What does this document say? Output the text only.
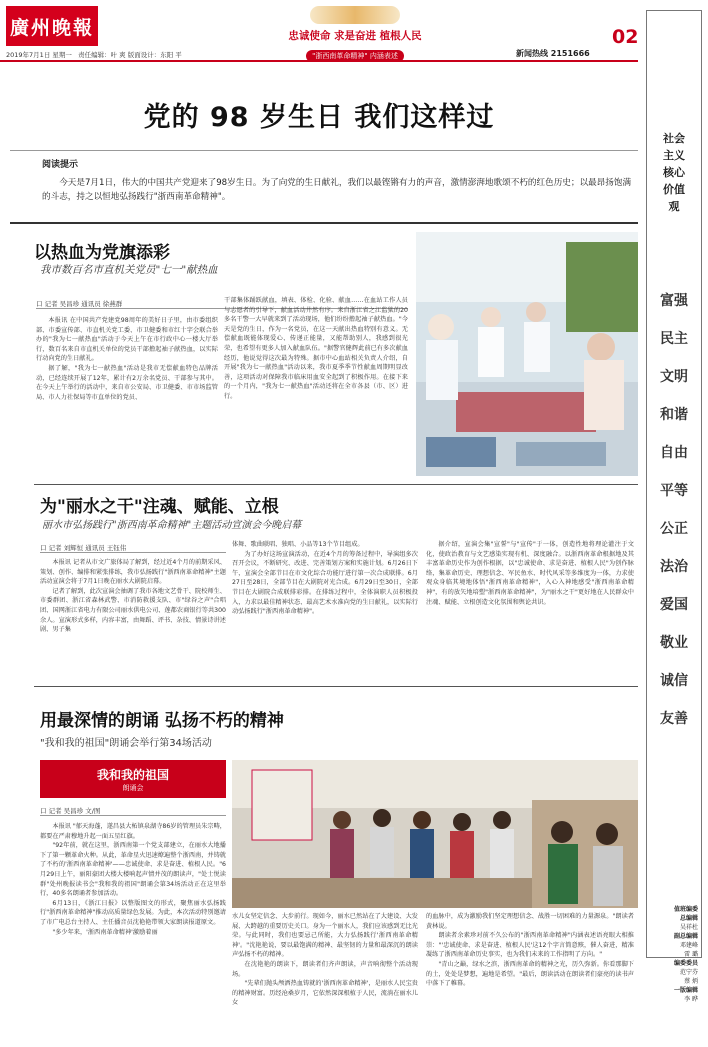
廣州晚報
2019年7月1日 星期一 责任编辑：叶 爽 版面设计：东阳 平
忠诚使命 求是奋进 植根人民
"浙西南革命精神" 内涵表述	新闻热线 2151666
02
党的 98 岁生日 我们这样过
阅读提示
今天是7月1日，伟大的中国共产党迎来了98岁生日。为了向党的生日献礼，我们以最铿锵有力的声音，激情澎湃地歌颂不朽的红色历史；以最昂扬饱满的斗志，持之以恒地弘扬践行"浙西南革命精神"。
以热血为党旗添彩
我市数百名市直机关党员"七一"献热血
口 记者 吴昌珍 通讯员 徐燕群

本报讯 在中国共产党建党98周年的美好日子里，由市委组织部、市委宣传部、市直机关党工委、市卫健委和市红十字会联合举办的"我为七一献热血"活动于今天上午在市行政中心一楼大厅举行，数百名来自市直机关单位的党员干部撸起袖子献热血，以实际行动向党的生日献礼。

据了解，"我为七一献热血"活动是我市无偿献血特色品牌活动，已经连续开展了12年，累计有2万余名党员、干部参与其中。在今天上午举行的活动中，来自市公安局、市卫健委、市市场监管局、市人力社保局等市直单位的党员、

干部集体踊跃献血，填表、体检、化验、献血……在血站工作人员与志愿者的引导下，献血活动井然有序。来自浙江省之江监狱的20多名干警一大早就来到了活动现场，他们纷纷撸起袖子献热血。"今天是党的生日，作为一名党员，在这一天献出热血特别有意义。无偿献血既能体现爱心、传递正能量，又能帮助别人，我感到很光荣，也希望有更多人加入献血队伍。"据警官健辉此前已有多次献血经历，他说觉得这次最为特殊。据市中心血站相关负责人介绍，自开展"我为七一献热血"活动以来，我市夏季季节性献血周期明显改善，这项活动对保障我市临床用血安全起到了积极作用。在接下来的一个月内，"我为七一献热血"活动还将在全市各县（市、区）进行。

为"丽水之干"注魂、赋能、立根
丽水市弘扬践行"浙西南革命精神"主题活动宣演会今晚启幕
口 记者 刘辉恒 通讯员 王钰伟

本报讯 记者从市文广旅体局了解到，经过近4个月的前期采风、策划、创作、编排和紧张排练，我市弘扬践行"浙西南革命精神"主题活动宣演会将于7月1日晚在丽水大剧院启幕。

记者了解到，此次宣演会抽调了我市各地文艺骨干、院校师生、市委群团、浙江省森林武警、市消防救援支队、市"绿谷之声"合唱团、国网浙江省电力有限公司丽水供电公司、莲都农商银行等共300余人。宣演形式多样，内容丰富，由舞蹈、评书、杂技、情景诗讲述剧、男子集

体舞、歌曲联唱、独唱、小品等13个节目组成。

为了办好这场宣演活动，在近4个月的筹备过程中，导演组多次召开会议，不断研究、改进、完善策划方案和实施计划。6月26日下午，宣演会全部节目在市文化综合功能厅进行第一次合成联排。6月27日至28日，全部节目在大剧院对光合成。6月29日至30日，全部节目在大剧院合成联排彩排。在排练过程中，全体演职人员积极投入，力求以最佳精神状态、最高艺术水准向党的生日献礼，以实际行动弘扬践行"浙西南革命精神"。

据介绍，宣演会集"宣誓"与"宣传"于一体，创造性地将理论灌注于文化，使政治教育与文艺感染实现有机、深度融合。以浙西南革命根据地及其丰富革命历史作为创作根据，以"忠诚使命、求是奋进、植根人民"为创作脉络，集革命历史、理想信念、军民鱼水、时代风采等多维度为一体，力求使观众身临其境地体悟"浙西南革命精神"，入心入神地感受"浙西南革命精神"，有的放矢地培塑"浙西南革命精神"，为"丽水之干"更好地在人民群众中注魂、赋能、立根创造文化氛围和舆论共识。

用最深情的朗诵 弘扬不朽的精神
"我和我的祖国"朗诵会举行第34场活动
我和我的祖国
朗诵会
口 记者 吴昌珍 文/图

本报讯 "郁天海蓬，遂昌县大柘镇泉湖寺86岁的管理员朱宗畴，都要在严肃穆地升起一面五星红旗。

"92年前，就在这里，浙西南第一个党支部建立，在丽水大地播下了第一颗革命火种。从此，革命星火迅速燎遍整个浙西南，并铸就了不朽的'浙西南革命精神'——忠诚使命、求是奋进、植根人民。"6月29日上午，丽阳豪团大楼大楼响起声情并茂的朗读声，"处士悦读群"处州晚报读书会"我和我的祖国"朗诵会第34场活动正在这里举行，40多名朗诵者参加活动。

6月13日，《浙江日报》以整版图文的形式，聚焦丽水弘扬践行"浙西南革命精神"推动高质量绿色发展。为此，本次活动特别邀请了市广电总台主持人、主任播音员沈艳艳带领大家朗读报道原文。

"多少年来，'浙西南革命精神'激励着丽

水儿女坚定信念、大步前行。现如今，丽水已然站在了大建设、大发展、大跨越的重要历史关口。身为一个丽水人，我们应该感到无比光荣。与此同时，我们也要忌己所能，大力弘扬践行'浙西南革命精神'。"沈艳艳说，要以最饱满的精神、最坚韧的力量和最深沉的朗读声弘扬不朽的精神。

在沈艳艳的朗读下，朗读者们齐声朗读，声音响彻整个活动现场。

"先辈们抛头颅洒热血铸就的'浙西南革命精神'，是丽水人民宝贵的精神财富。历经沧桑岁月，它依然深深根植于人民，流淌在丽水儿女

的血脉中，成为激励我们坚定理想信念、战胜一切困难的力量源泉。"朗读者黄林说。

朗读者余素珍对前不久公布的"浙西南革命精神"内涵表述语亮眼大相推崇："'忠诚使命、求是奋进、植根人民'这12个字言简意赅，催人奋进，精准凝练了浙西南革命历史事实，也为我们未来的工作指明了方向。"

"青山之巅，绿水之滨，浙西南革命的精神之光，历久弥新。你看那脚下的土，处处是梦想，遍地是希望。"最后，朗读活动在朗读者们豪亮的读书声中落下了帷幕。

社会主义核心价值观
富强
民主
文明
和谐
自由
平等
公正
法治
爱国
敬业
诚信
友善
值班编委
总编辑
吴祥杜
副总编辑
邓建峰
雷 璐
编委委员
范宁芬
蔡 炳
一版编辑
李 晔
